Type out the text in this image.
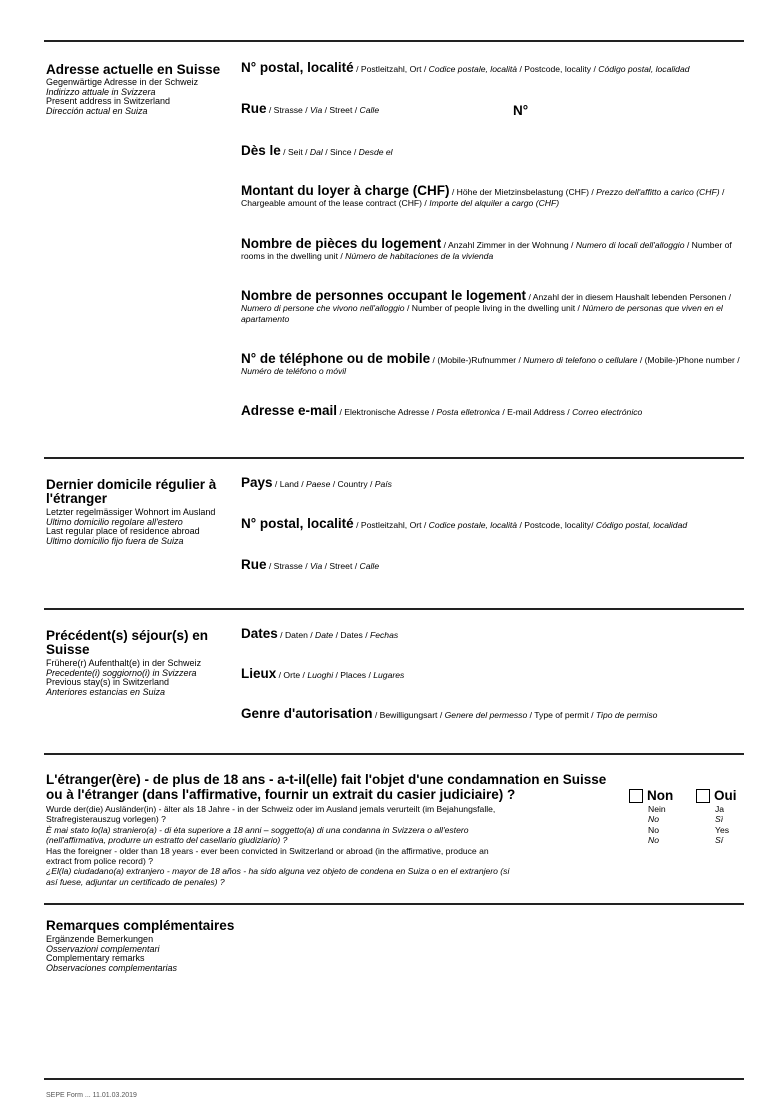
Adresse actuelle en Suisse
Gegenwärtige Adresse in der Schweiz
Indirizzo attuale in Svizzera
Present address in Switzerland
Dirección actual en Suiza
N° postal, localité / Postleitzahl, Ort / Codice postale, località / Postcode, locality / Código postal, localidad
Rue / Strasse / Via / Street / Calle	N°
Dès le / Seit / Dal / Since / Desde el
Montant du loyer à charge (CHF) / Höhe der Mietzinsbelastung (CHF) / Prezzo dell'affitto a carico (CHF) / Chargeable amount of the lease contract (CHF) / Importe del alquiler a cargo (CHF)
Nombre de pièces du logement / Anzahl Zimmer in der Wohnung / Numero di locali dell'alloggio / Number of rooms in the dwelling unit / Número de habitaciones de la vivienda
Nombre de personnes occupant le logement / Anzahl der in diesem Haushalt lebenden Personen / Numero di persone che vivono nell'alloggio / Number of people living in the dwelling unit / Número de personas que viven en el apartamento
N° de téléphone ou de mobile / (Mobile-)Rufnummer / Numero di telefono o cellulare / (Mobile-)Phone number / Numéro de teléfono o móvil
Adresse e-mail / Elektronische Adresse / Posta elletronica / E-mail Address / Correo electrónico
Dernier domicile régulier à l'étranger
Letzter regelmässiger Wohnort im Ausland
Ultimo domicilio regolare all'estero
Last regular place of residence abroad
Ultimo domicilio fijo fuera de Suiza
Pays / Land / Paese / Country / País
N° postal, localité / Postleitzahl, Ort / Codice postale, località / Postcode, locality/ Código postal, localidad
Rue / Strasse / Via / Street / Calle
Précédent(s) séjour(s) en Suisse
Frühere(r) Aufenthalt(e) in der Schweiz
Precedente(i) soggiorno(i) in Svizzera
Previous stay(s) in Switzerland
Anteriores estancias en Suiza
Dates / Daten / Date / Dates / Fechas
Lieux / Orte / Luoghi / Places / Lugares
Genre d'autorisation / Bewilligungsart / Genere del permesso / Type of permit / Tipo de permiso
L'étranger(ère) - de plus de 18 ans - a-t-il(elle) fait l'objet d'une condamnation en Suisse ou à l'étranger (dans l'affirmative, fournir un extrait du casier judiciaire) ?
Wurde der(die) Ausländer(in) - älter als 18 Jahre - in der Schweiz oder im Ausland jemals verurteilt (im Bejahungsfalle, Strafregisterauszug vorlegen) ?
È mai stato lo(la) straniero(a) - di ėta superiore a 18 anni – soggetto(a) di una condanna in Svizzera o all'estero (nell'affirmativa, produrre un estratto del casellario giudiziario) ?
Has the foreigner - older than 18 years - ever been convicted in Switzerland or abroad (in the affirmative, produce an extract from police record) ?
¿El(la) ciudadano(a) extranjero - mayor de 18 años - ha sido alguna vez objeto de condena en Suiza o en el extranjero (si así fuese, adjuntar un certificado de penales) ?
Non
Nein
No
No
No
Oui
Ja
Sì
Yes
Sí
Remarques complémentaires
Ergänzende Bemerkungen
Osservazioni complementari
Complementary remarks
Observaciones complementarias
SEPE Form ... 11.01.03.2019
